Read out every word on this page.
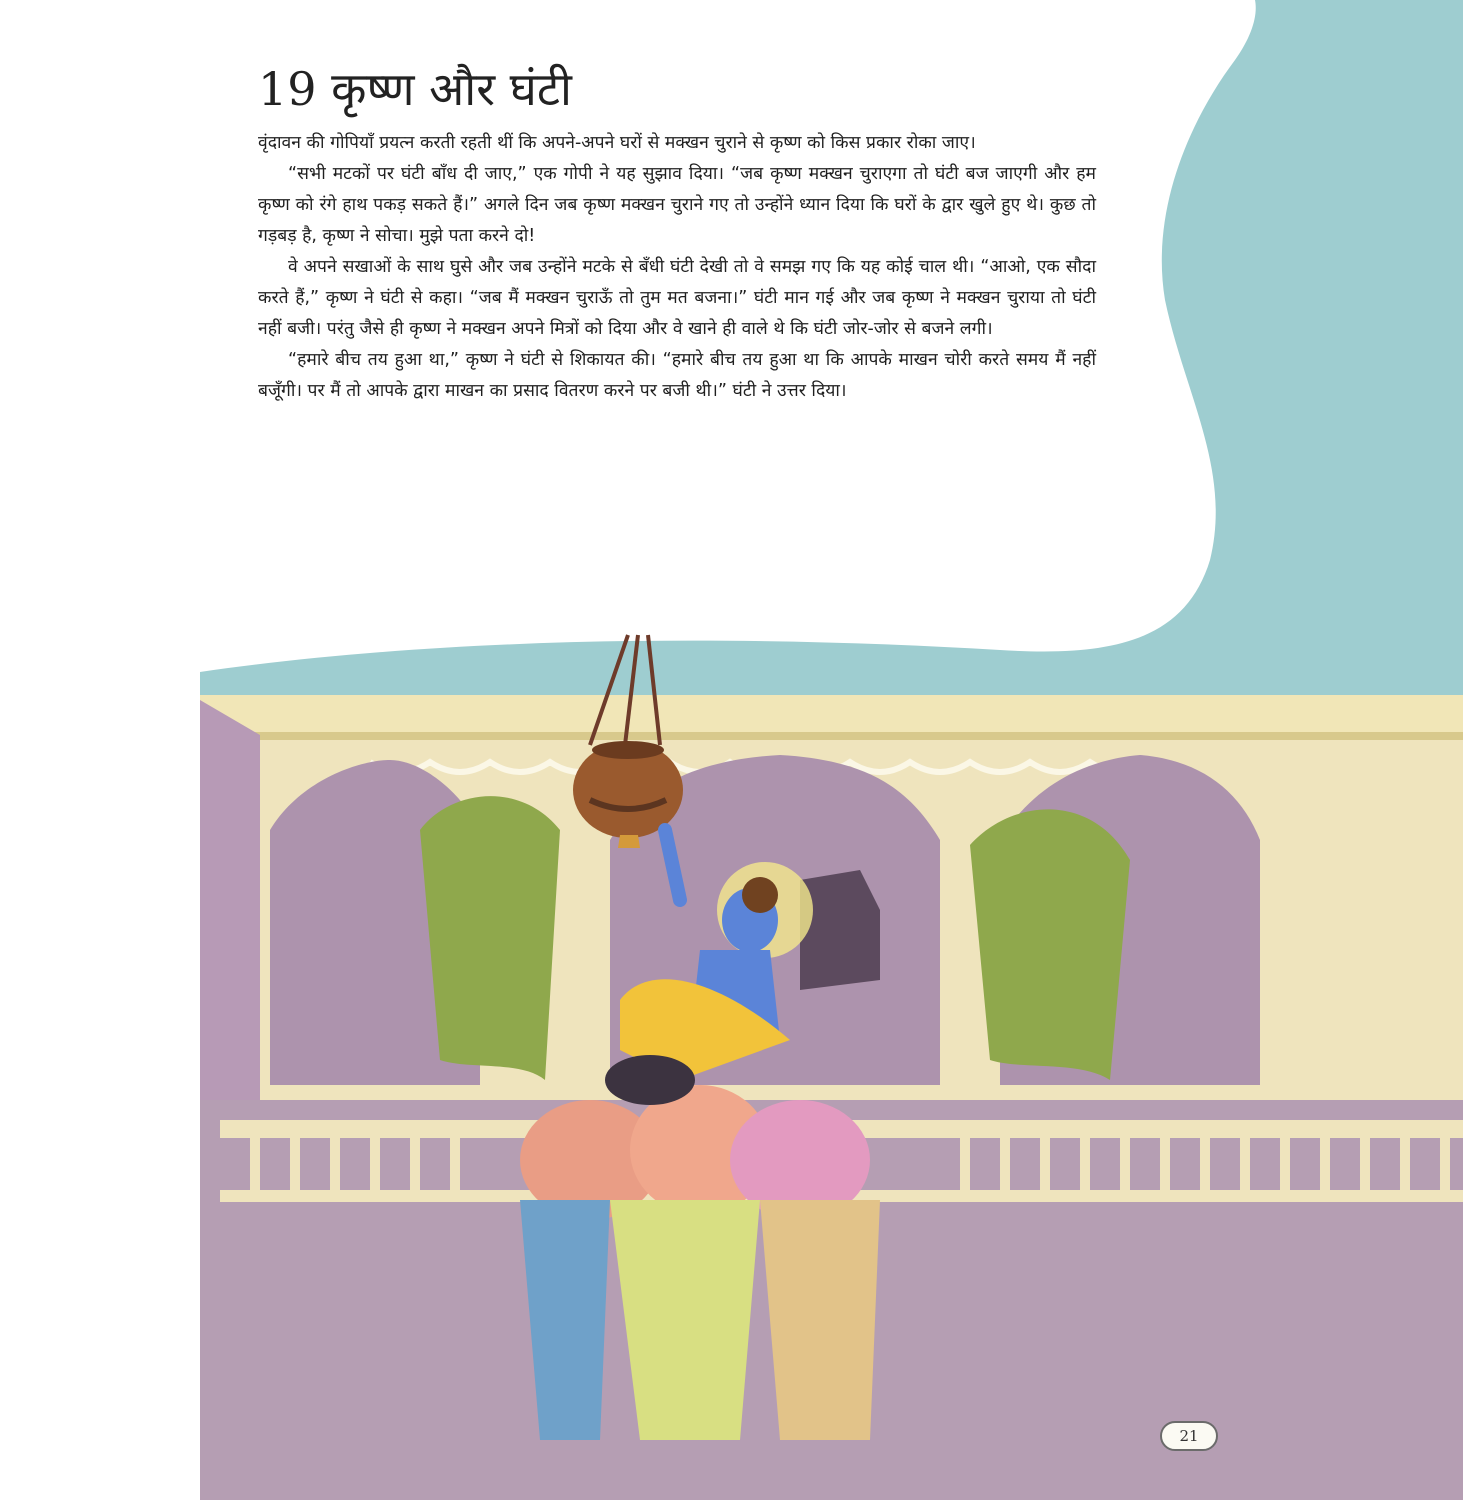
19 कृष्ण और घंटी

वृंदावन की गोपियाँ प्रयत्न करती रहती थीं कि अपने-अपने घरों से मक्खन चुराने से कृष्ण को किस प्रकार रोका जाए।

“सभी मटकों पर घंटी बाँध दी जाए,” एक गोपी ने यह सुझाव दिया। “जब कृष्ण मक्खन चुराएगा तो घंटी बज जाएगी और हम कृष्ण को रंगे हाथ पकड़ सकते हैं।” अगले दिन जब कृष्ण मक्खन चुराने गए तो उन्होंने ध्यान दिया कि घरों के द्वार खुले हुए थे। कुछ तो गड़बड़ है, कृष्ण ने सोचा। मुझे पता करने दो!

वे अपने सखाओं के साथ घुसे और जब उन्होंने मटके से बँधी घंटी देखी तो वे समझ गए कि यह कोई चाल थी। “आओ, एक सौदा करते हैं,” कृष्ण ने घंटी से कहा। “जब मैं मक्खन चुराऊँ तो तुम मत बजना।” घंटी मान गई और जब कृष्ण ने मक्खन चुराया तो घंटी नहीं बजी। परंतु जैसे ही कृष्ण ने मक्खन अपने मित्रों को दिया और वे खाने ही वाले थे कि घंटी जोर-जोर से बजने लगी।

“हमारे बीच तय हुआ था,” कृष्ण ने घंटी से शिकायत की। “हमारे बीच तय हुआ था कि आपके माखन चोरी करते समय मैं नहीं बजूँगी। पर मैं तो आपके द्वारा माखन का प्रसाद वितरण करने पर बजी थी।” घंटी ने उत्तर दिया।

21
